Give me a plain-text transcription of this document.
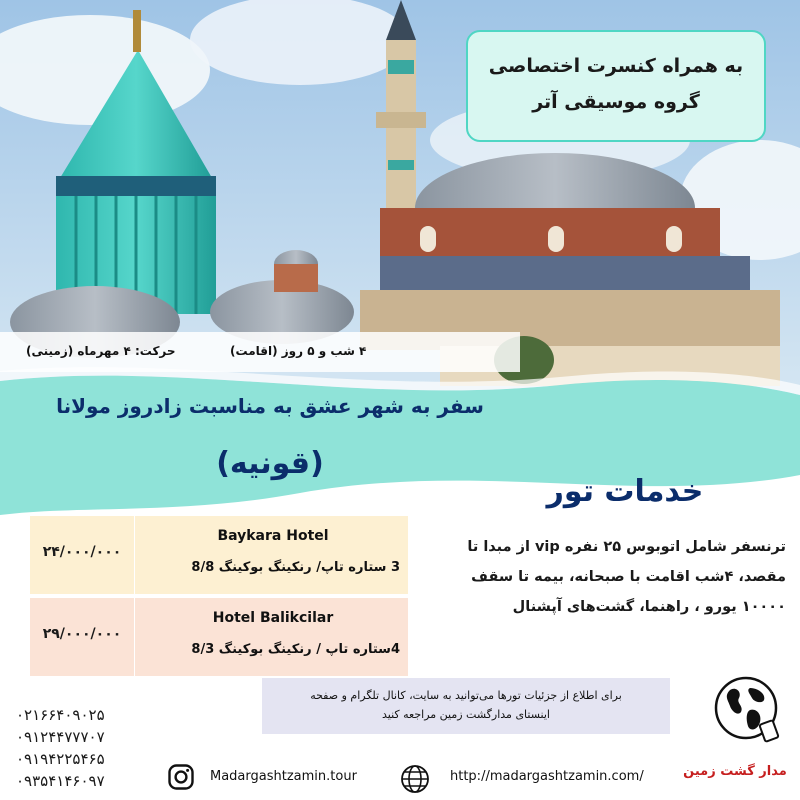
به همراه کنسرت اختصاصی
گروه موسیقی آتر
۴ شب و ۵ روز (اقامت)
حرکت: ۴ مهرماه (زمینی)
سفر به شهر عشق به مناسبت زادروز مولانا
(قونیه)
خدمات تور
ترنسفر شامل اتوبوس ۲۵ نفره vip از مبدا تا
مقصد، ۴شب اقامت با صبحانه، بیمه تا سقف
۱۰۰۰۰ یورو ، راهنما، گشت‌های آپشنال
۲۴/۰۰۰/۰۰۰
Baykara Hotel
3 ستاره تاپ/ رنکینگ بوکینگ 8/8
۲۹/۰۰۰/۰۰۰
Hotel Balikcilar
4ستاره تاپ / رنکینگ بوکینگ 8/3
برای اطلاع از جزئیات تورها می‌توانید به سایت، کانال تلگرام و صفحه
اینستای مدارگشت زمین مراجعه کنید
۰۲۱۶۶۴۰۹۰۲۵
۰۹۱۲۴۴۷۷۷۰۷
۰۹۱۹۴۲۲۵۴۶۵
۰۹۳۵۴۱۴۶۰۹۷	Madargashtzamin.tour	http://madargashtzamin.com/	مدار گشت زمین
